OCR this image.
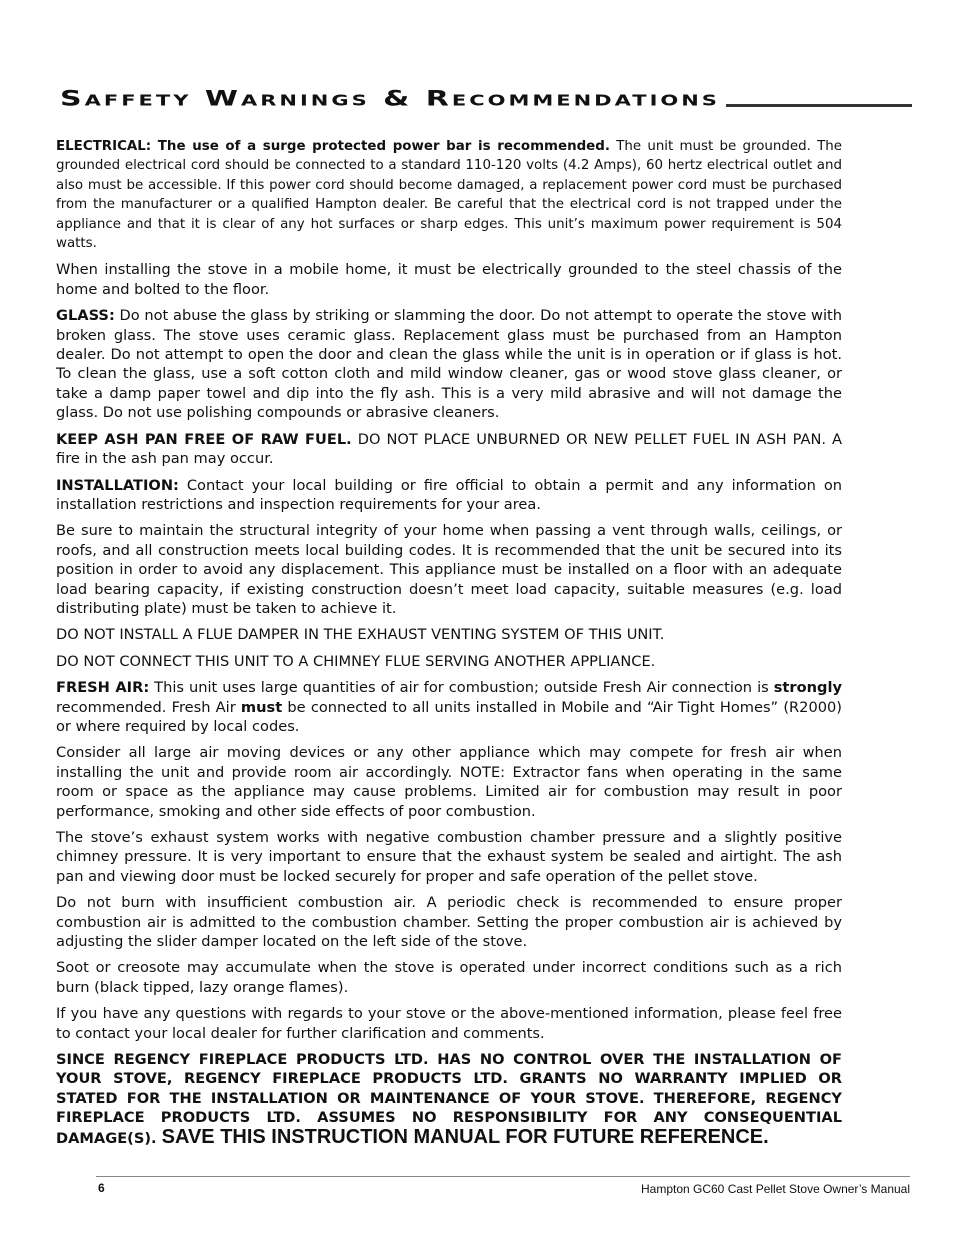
Saffety Warnings & Recommendations

ELECTRICAL: The use of a surge protected power bar is recommended. The unit must be grounded. The grounded electrical cord should be connected to a standard 110-120 volts (4.2 Amps), 60 hertz electrical outlet and also must be accessible. If this power cord should become damaged, a replacement power cord must be purchased from the manufacturer or a qualified Hampton dealer. Be careful that the electrical cord is not trapped under the appliance and that it is clear of any hot surfaces or sharp edges. This unit’s maximum power requirement is 504 watts.

When installing the stove in a mobile home, it must be electrically grounded to the steel chassis of the home and bolted to the floor.

GLASS: Do not abuse the glass by striking or slamming the door. Do not attempt to operate the stove with broken glass. The stove uses ceramic glass. Replacement glass must be purchased from an Hampton dealer. Do not attempt to open the door and clean the glass while the unit is in operation or if glass is hot. To clean the glass, use a soft cotton cloth and mild window cleaner, gas or wood stove glass cleaner, or take a damp paper towel and dip into the fly ash. This is a very mild abrasive and will not damage the glass. Do not use polishing compounds or abrasive cleaners.

KEEP ASH PAN FREE OF RAW FUEL. DO NOT PLACE UNBURNED OR NEW PELLET FUEL IN ASH PAN. A fire in the ash pan may occur.

INSTALLATION: Contact your local building or fire official to obtain a permit and any information on installation restrictions and inspection requirements for your area.

Be sure to maintain the structural integrity of your home when passing a vent through walls, ceilings, or roofs, and all construction meets local building codes. It is recommended that the unit be secured into its position in order to avoid any displacement. This appliance must be installed on a floor with an adequate load bearing capacity, if existing construction doesn’t meet load capacity, suitable measures (e.g. load distributing plate) must be taken to achieve it.

DO NOT INSTALL A FLUE DAMPER IN THE EXHAUST VENTING SYSTEM OF THIS UNIT.

DO NOT CONNECT THIS UNIT TO A CHIMNEY FLUE SERVING ANOTHER APPLIANCE.

FRESH AIR: This unit uses large quantities of air for combustion; outside Fresh Air connection is strongly recommended. Fresh Air must be connected to all units installed in Mobile and “Air Tight Homes” (R2000) or where required by local codes.

Consider all large air moving devices or any other appliance which may compete for fresh air when installing the unit and provide room air accordingly. NOTE: Extractor fans when operating in the same room or space as the appliance may cause problems. Limited air for combustion may result in poor performance, smoking and other side effects of poor combustion.

The stove’s exhaust system works with negative combustion chamber pressure and a slightly positive chimney pressure. It is very important to ensure that the exhaust system be sealed and airtight. The ash pan and viewing door must be locked securely for proper and safe operation of the pellet stove.

Do not burn with insufficient combustion air. A periodic check is recommended to ensure proper combustion air is admitted to the combustion chamber. Setting the proper combustion air is achieved by adjusting the slider damper located on the left side of the stove.

Soot or creosote may accumulate when the stove is operated under incorrect conditions such as a rich burn (black tipped, lazy orange flames).

If you have any questions with regards to your stove or the above-mentioned information, please feel free to contact your local dealer for further clarification and comments.

SINCE REGENCY FIREPLACE PRODUCTS LTD. HAS NO CONTROL OVER THE INSTALLATION OF YOUR STOVE, REGENCY FIREPLACE PRODUCTS LTD. GRANTS NO WARRANTY IMPLIED OR STATED FOR THE INSTALLATION OR MAINTENANCE OF YOUR STOVE. THEREFORE, REGENCY FIREPLACE PRODUCTS LTD. ASSUMES NO RESPONSIBILITY FOR ANY CONSEQUENTIAL DAMAGE(S). SAVE THIS INSTRUCTION MANUAL FOR FUTURE REFERENCE.

6	Hampton GC60 Cast Pellet Stove Owner’s Manual
